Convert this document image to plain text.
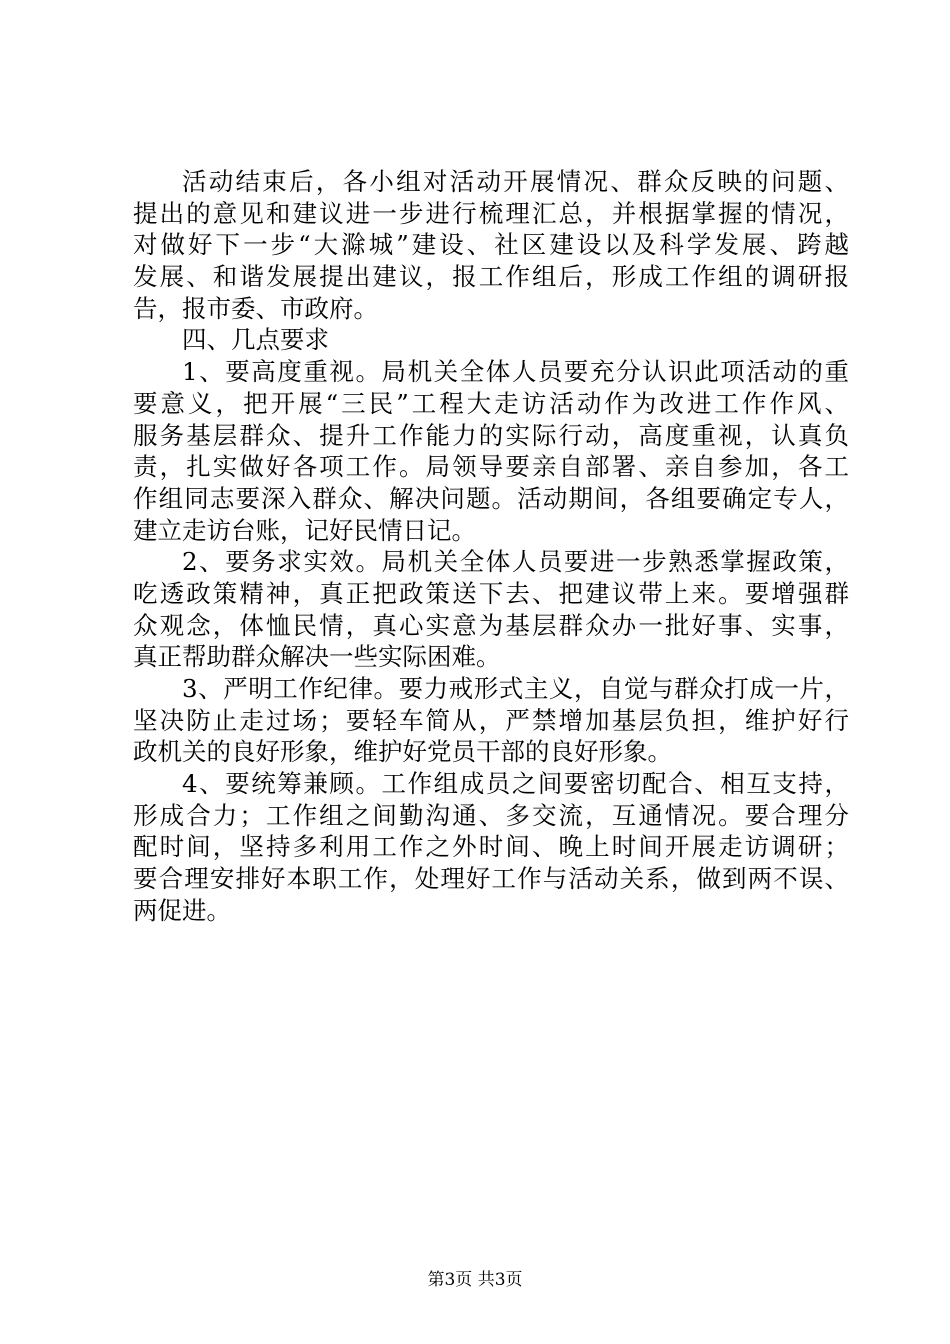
活动结束后，各小组对活动开展情况、群众反映的问题、
提出的意见和建议进一步进行梳理汇总，并根据掌握的情况，
对做好下一步“大滁城”建设、社区建设以及科学发展、跨越
发展、和谐发展提出建议，报工作组后，形成工作组的调研报
告，报市委、市政府。
四、几点要求
1、要高度重视。局机关全体人员要充分认识此项活动的重
要意义，把开展“三民”工程大走访活动作为改进工作作风、
服务基层群众、提升工作能力的实际行动，高度重视，认真负
责，扎实做好各项工作。局领导要亲自部署、亲自参加，各工
作组同志要深入群众、解决问题。活动期间，各组要确定专人，
建立走访台账，记好民情日记。
2、要务求实效。局机关全体人员要进一步熟悉掌握政策，
吃透政策精神，真正把政策送下去、把建议带上来。要增强群
众观念，体恤民情，真心实意为基层群众办一批好事、实事，
真正帮助群众解决一些实际困难。
3、严明工作纪律。要力戒形式主义，自觉与群众打成一片，
坚决防止走过场；要轻车简从，严禁增加基层负担，维护好行
政机关的良好形象，维护好党员干部的良好形象。
4、要统筹兼顾。工作组成员之间要密切配合、相互支持，
形成合力；工作组之间勤沟通、多交流，互通情况。要合理分
配时间，坚持多利用工作之外时间、晚上时间开展走访调研；
要合理安排好本职工作，处理好工作与活动关系，做到两不误、
两促进。
第3页 共3页
